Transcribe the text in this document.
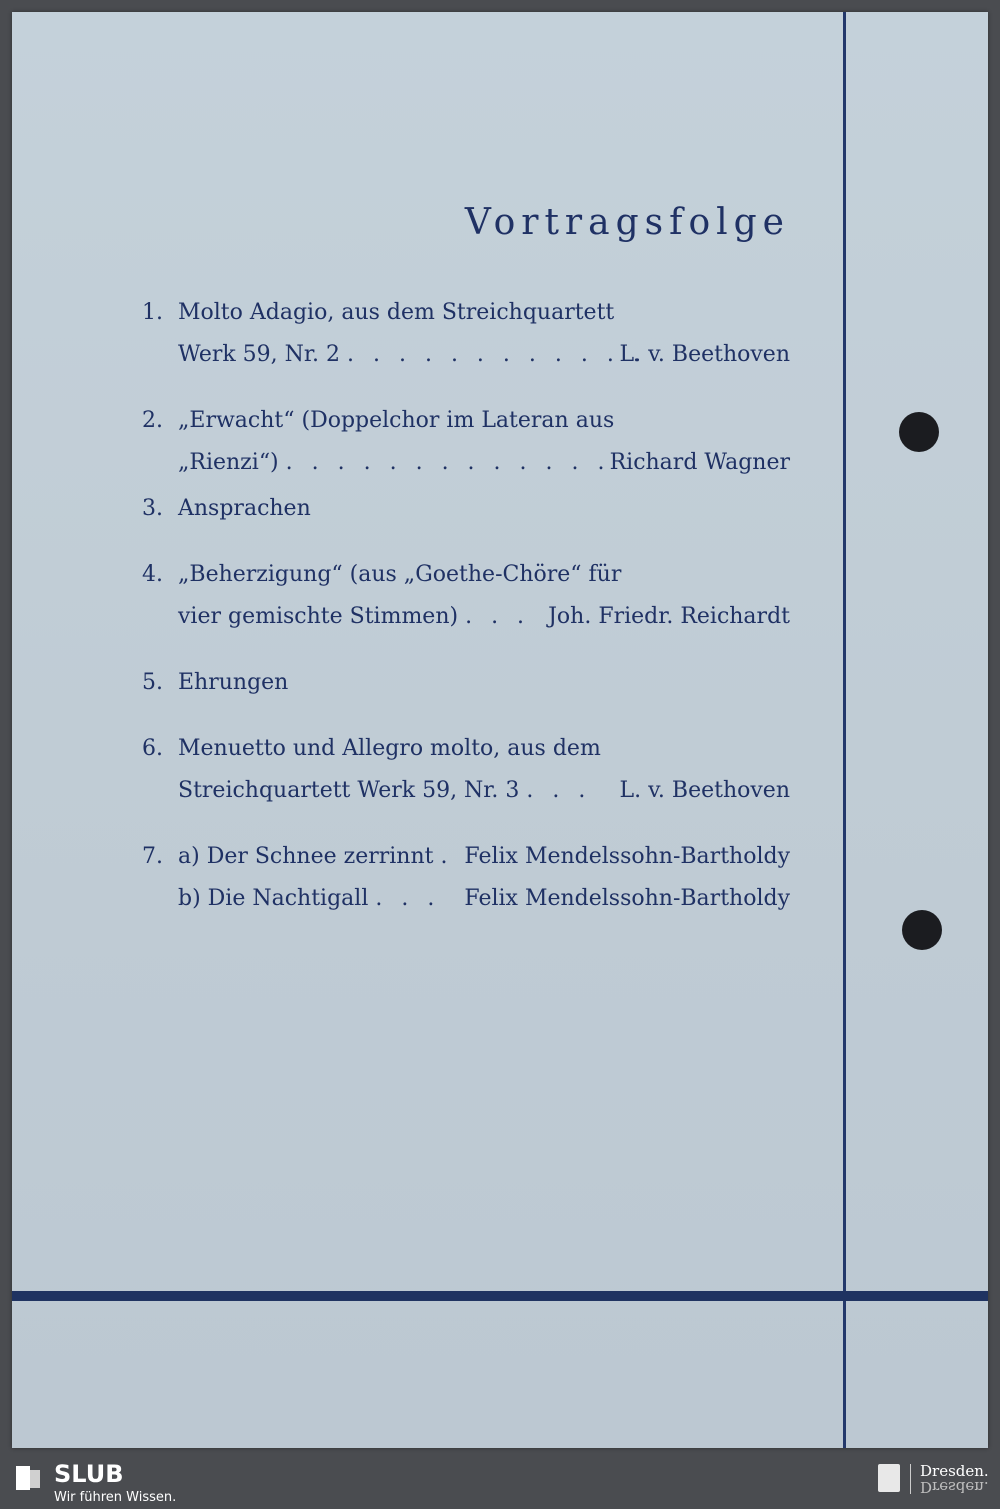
Vortragsfolge
1. Molto Adagio, aus dem Streichquartett
Werk 59, Nr. 2 . . . . . . . . . . . .
L. v. Beethoven
2. „Erwacht“ (Doppelchor im Lateran aus
„Rienzi“) . . . . . . . . . . . . . Richard Wagner
3. Ansprachen
4. „Beherzigung“ (aus „Goethe-Chöre“ für
vier gemischte Stimmen) . . . Joh. Friedr. Reichardt
5. Ehrungen
6. Menuetto und Allegro molto, aus dem
Streichquartett Werk 59, Nr. 3 . . . L. v. Beethoven
7. a) Der Schnee zerrinnt . Felix Mendelssohn-Bartholdy
b) Die Nachtigall . . . Felix Mendelssohn-Bartholdy
SLUB
Wir führen Wissen.
Dresden.
Dresden.
